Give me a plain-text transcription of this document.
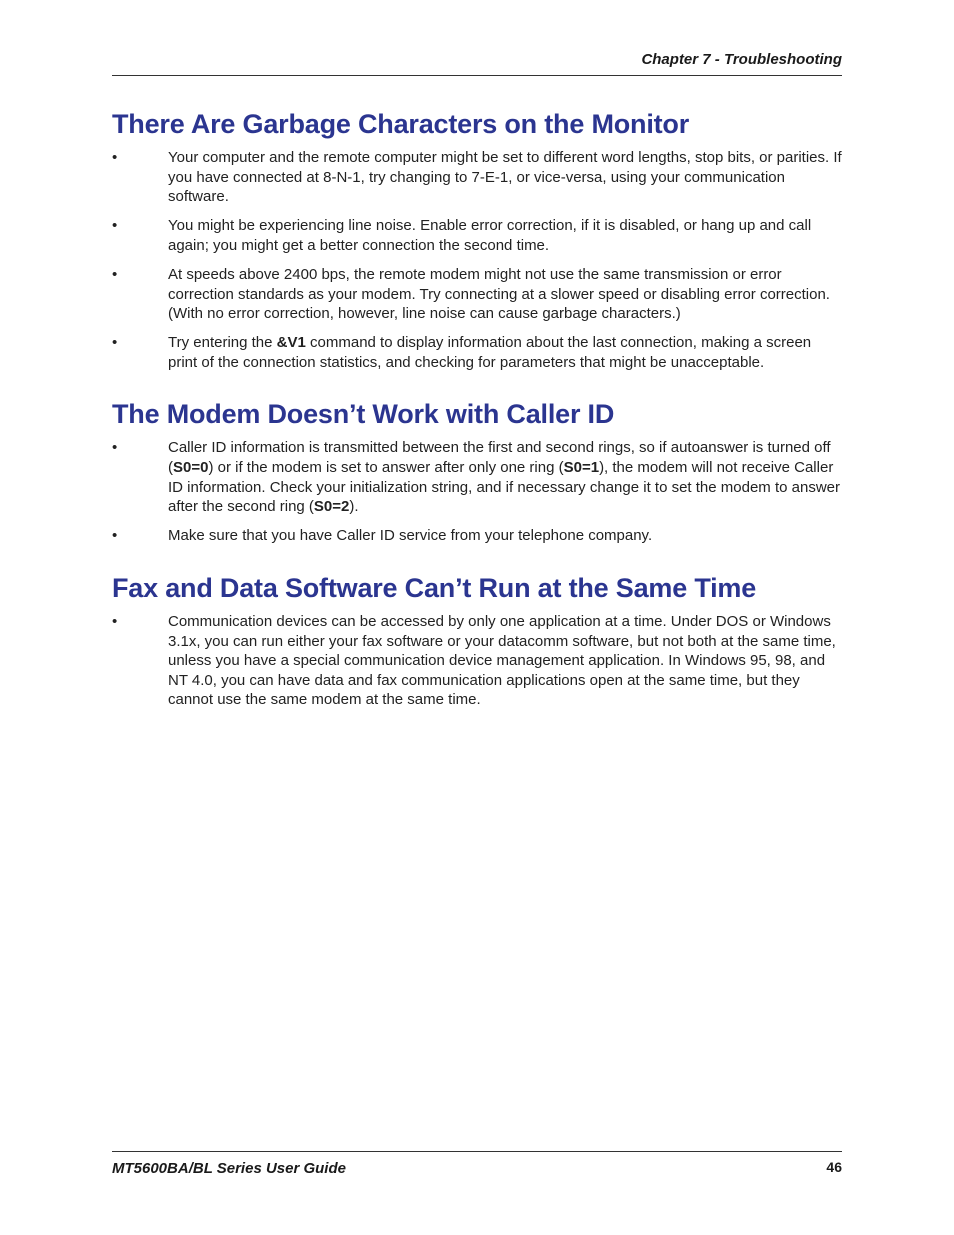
Chapter 7 - Troubleshooting
There Are Garbage Characters on the Monitor
•	Your computer and the remote computer might be set to different word lengths, stop bits, or parities. If you have connected at 8-N-1, try changing to 7-E-1, or vice-versa, using your communication software.
•	You might be experiencing line noise. Enable error correction, if it is disabled, or hang up and call again; you might get a better connection the second time.
•	At speeds above 2400 bps, the remote modem might not use the same transmission or error correction standards as your modem. Try connecting at a slower speed or disabling error correction. (With no error correction, however, line noise can cause garbage characters.)
•	Try entering the &V1 command to display information about the last connection, making a screen print of the connection statistics, and checking for parameters that might be unacceptable.
The Modem Doesn’t Work with Caller ID
•	Caller ID information is transmitted between the first and second rings, so if autoanswer is turned off (S0=0) or if the modem is set to answer after only one ring (S0=1), the modem will not receive Caller ID information. Check your initialization string, and if necessary change it to set the modem to answer after the second ring (S0=2).
•	Make sure that you have Caller ID service from your telephone company.
Fax and Data Software Can’t Run at the Same Time
•	Communication devices can be accessed by only one application at a time. Under DOS or Windows 3.1x, you can run either your fax software or your datacomm software, but not both at the same time, unless you have a special communication device management application. In Windows 95, 98, and NT 4.0, you can have data and fax communication applications open at the same time, but they cannot use the same modem at the same time.
MT5600BA/BL Series User Guide	46
